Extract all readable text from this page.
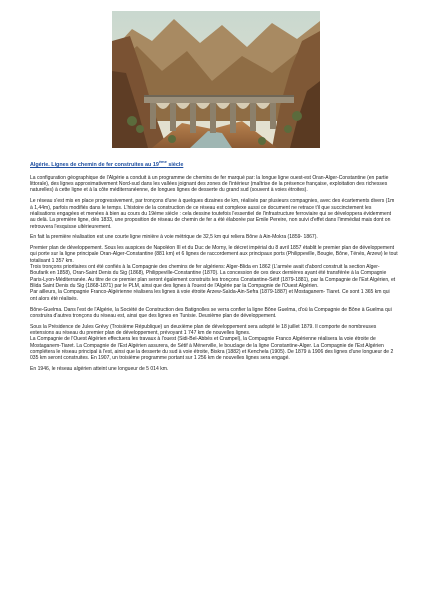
Algérie. Lignes de chemin de fer construites au 19ème siècle
La configuration géographique de l'Algérie a conduit à un programme de chemins de fer marqué par: la longue ligne ouest-est Oran-Alger-Constantine (en partie littorale), des lignes approximativement Nord-sud dans les vallées joignant des zones de l'intérieur (maîtrise de la présence française, exploitation des richesses naturelles) à cette ligne et à la côte méditerranéenne, de longues lignes de desserte du grand sud (souvent à voies étroites).
Le réseau s'est mis en place progressivement, par tronçons d'une à quelques dizaines de km, réalisés par plusieurs compagnies, avec des écartements divers (1m à 1,44m), parfois modifiés dans le temps. L'histoire de la construction de ce réseau est complexe aussi ce document ne retrace t'il que succinctement les réalisations engagées et menées à bien au cours du 19ème siècle : cela dessine toutefois l'essentiel de l'infrastructure ferroviaire qui se développera évidemment au delà. La première ligne, dès 1833, une proposition de réseau de chemin de fer a été élaborée par Emile Pereire, non suivi d'effet dans l'immédiat mais dont on retrouvera l'esquisse ultérieurement.
En fait la première réalisation est une courte ligne minière à voie métrique de 32,5 km qui reliera Bône à Ain-Mokra (1859- 1867).
Premier plan de développement. Sous les auspices de Napoléon III et du Duc de Morny, le décret impérial du 8 avril 1857 établit le premier plan de développement qui porte sur la ligne principale Oran-Alger-Constantine (881 km) et 6 lignes de raccordement aux principaux ports (Philippeville, Bougie, Bône, Ténès, Arzew) le tout totalisant 1 357 km.
Trois tronçons prioritaires ont été confiés à la Compagnie des chemins de fer algériens: Alger-Blida en 1862 (L'armée avait d'abord construit la section Alger-Boufarik en 1858), Oran-Saint Denis du Sig (1868), Philippeville-Constantine (1870). La concession de ces deux dernières ayant été transférée à la Compagnie Paris-Lyon-Méditerranée. Au titre de ce premier plan seront également construits les tronçons Constantine-Sétif (1879-1881), par la Compagnie de l'Est Algérien, et Blida Saint Denis du Sig (1868-1871) par le PLM, ainsi que des lignes à l'ouest de l'Algérie par la Compagnie de l'Ouest Algérien.
Par ailleurs, la Compagnie Franco-Algérienne réalisera les lignes à voie étroite Arzew-Saïda-Ain-Sefra (1879-1887) et Mostaganem- Tiaret. Ce sont 1 365 km qui ont alors été réalisés.
Bône-Guelma. Dans l'est de l'Algérie, la Société de Construction des Batignolles se verra confier la ligne Bône Guelma, d'où la Compagnie de Bône à Guelma qui construira d'autres tronçons du réseau est, ainsi que des lignes en Tunisie. Deuxième plan de développement.
Sous la Présidence de Jules Grévy (Troisième République) un deuxième plan de développement sera adopté le 18 juillet 1879. Il comporte de nombreuses extensions au réseau du premier plan de développement, prévoyant 1 747 km de nouvelles lignes.
La Compagnie de l'Ouest Algérien effectuera les travaux à l'ouest (Sidi-Bel-Abbès et Crampel), la Compagnie Franco Algérienne réalisera la voie étroite de Mostaganem-Tiaret. La Compagnie de l'Est Algérien assurera, de Sétif à Ménerville, le bouclage de la ligne Constantine-Alger. La Compagnie de l'Est Algérien complétera le réseau principal à l'est, ainsi que la desserte du sud à voie étroite, Biskra (1882) et Kenchela (1905). De 1879 à 1906 des lignes d'une longueur de 2 035 km seront construites. En 1907, un troisième programme portant sur 1 256 km de nouvelles lignes sera engagé.
En 1946, le réseau algérien atteint une longueur de 5 014 km.
